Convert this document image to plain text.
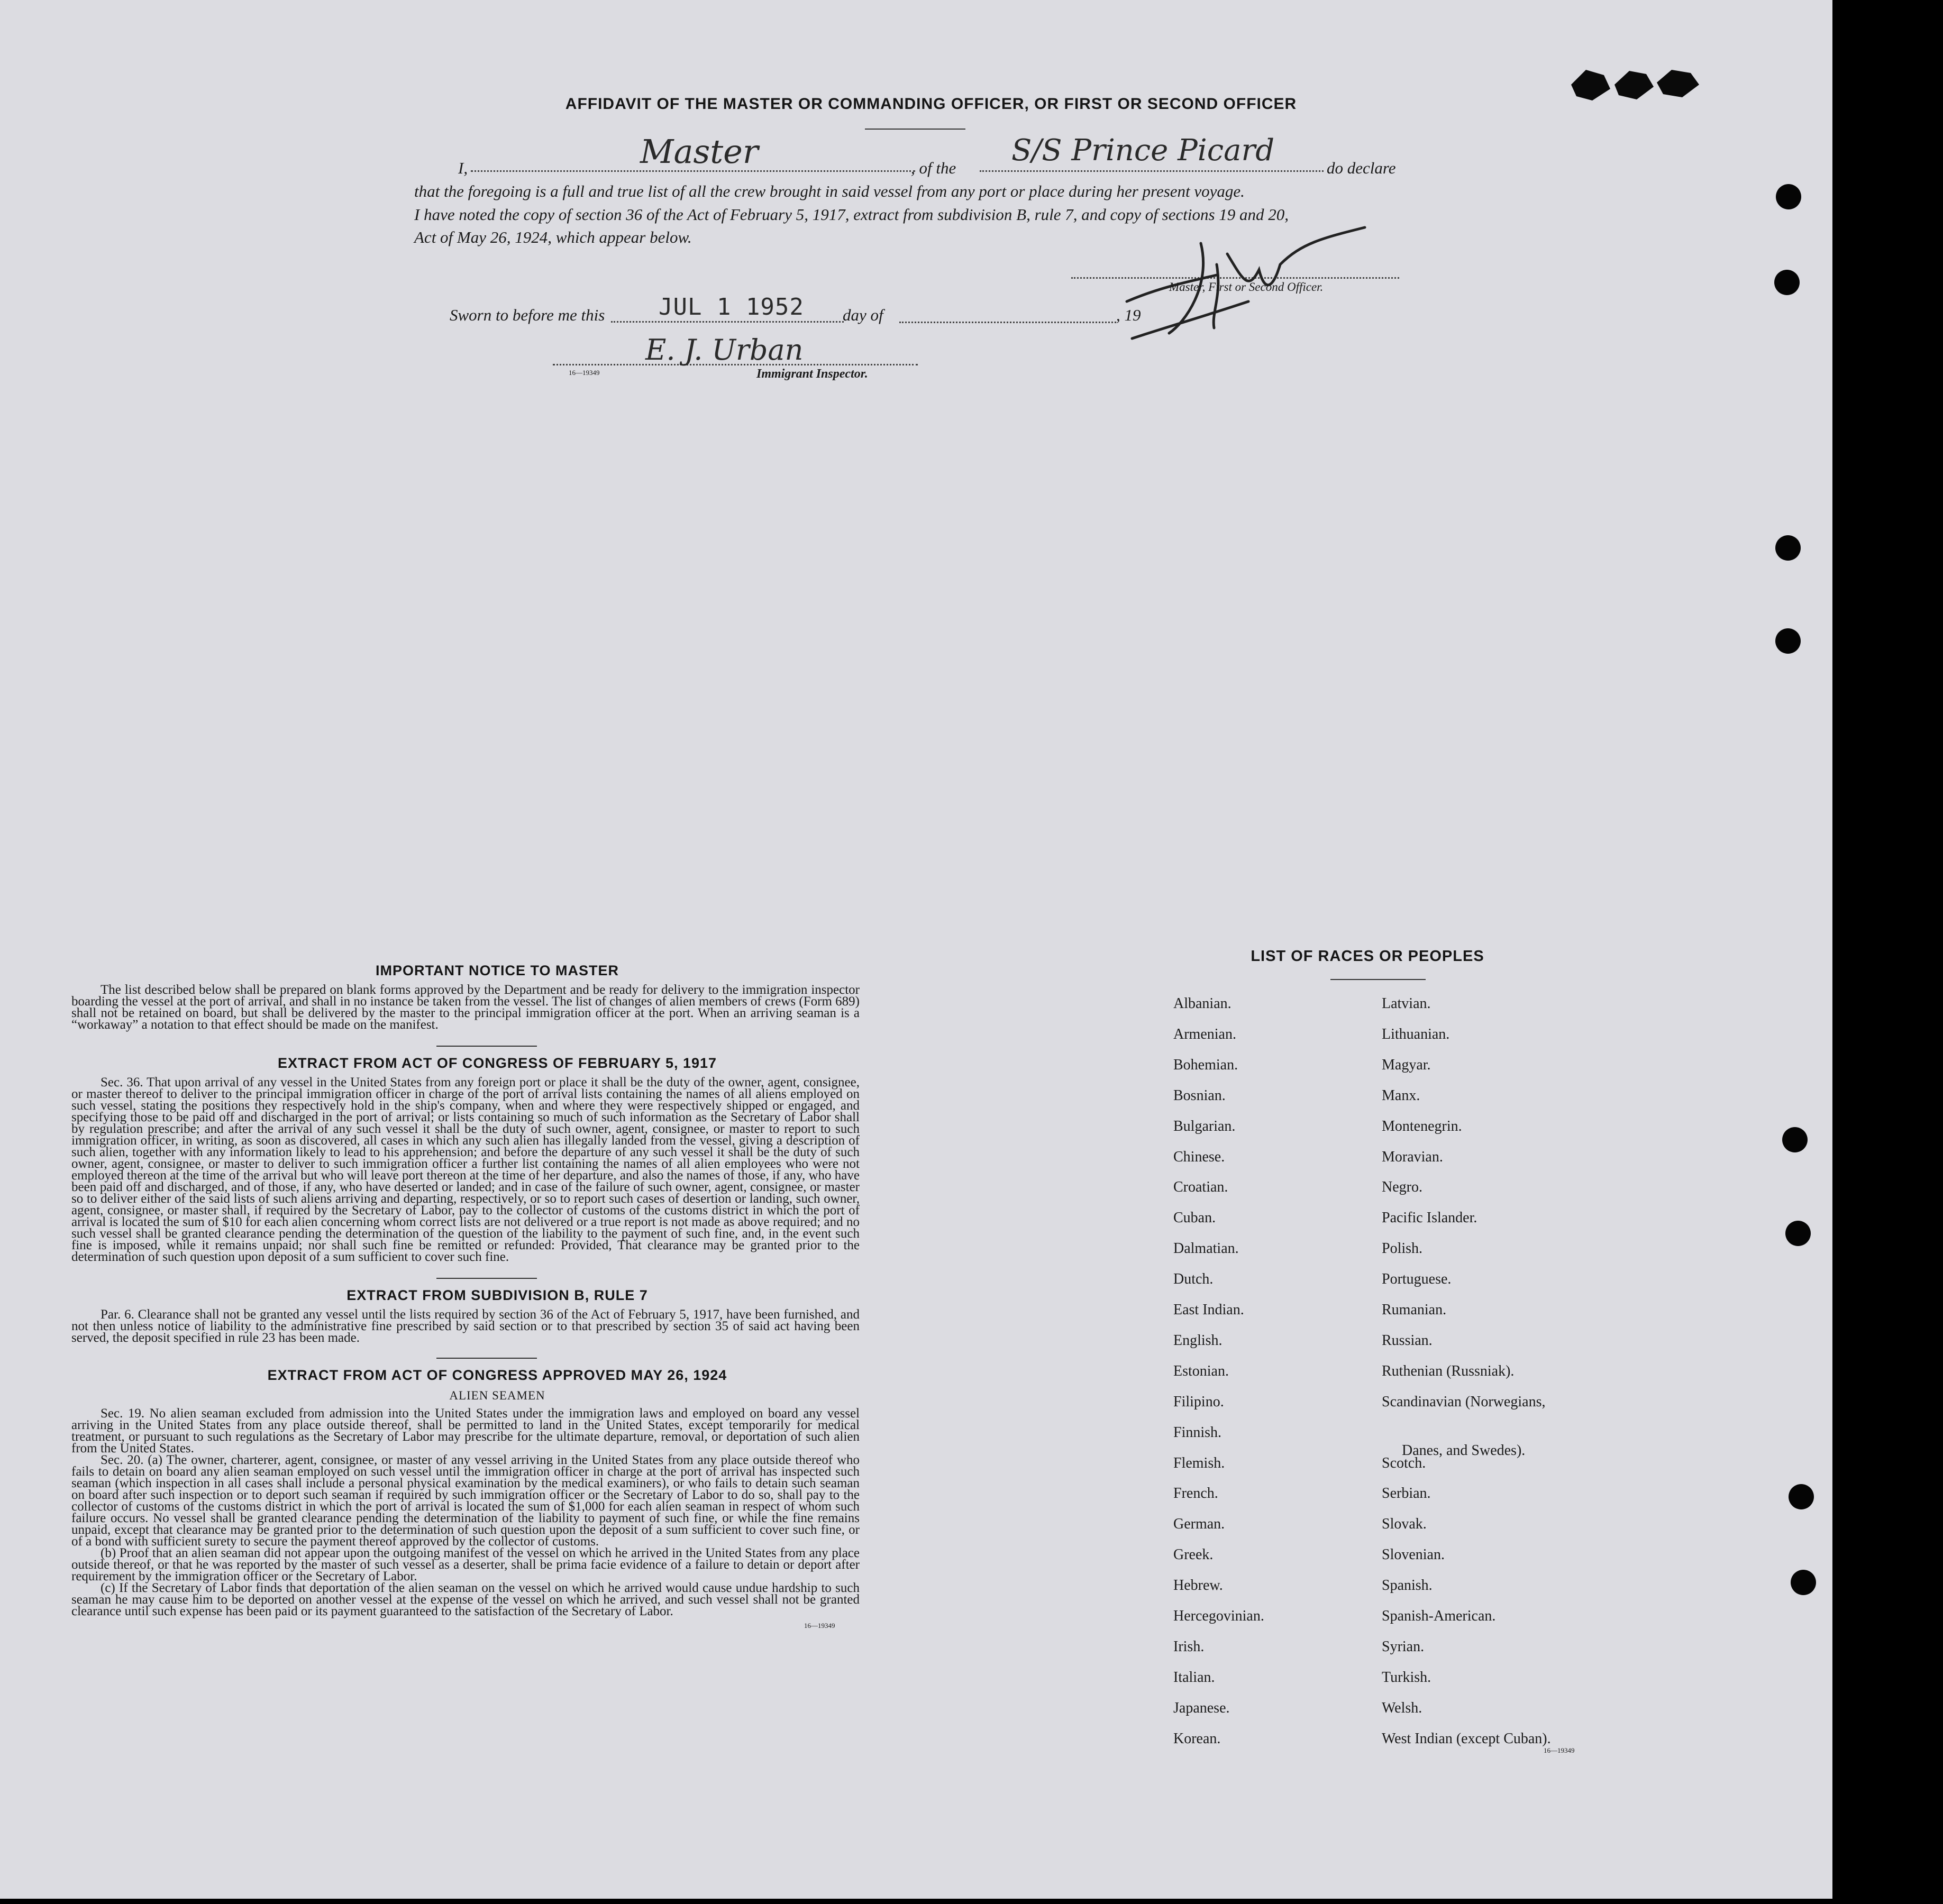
AFFIDAVIT OF THE MASTER OR COMMANDING OFFICER, OR FIRST OR SECOND OFFICER
I,	Master	, of the
S/S Prince Picard
do declare
that the foregoing is a full and true list of all the crew brought in said vessel from any port or place during her present voyage.
I have noted the copy of section 36 of the Act of February 5, 1917, extract from subdivision B, rule 7, and copy of sections 19 and 20,
Act of May 26, 1924, which appear below.
Master, First or Second Officer.
Sworn to before me this JUL 1 1952 day of	, 19
E. J. Urban
16—19349	Immigrant Inspector.
IMPORTANT NOTICE TO MASTER

The list described below shall be prepared on blank forms approved by the Department and be ready for delivery to the immigration inspector boarding the vessel at the port of arrival, and shall in no instance be taken from the vessel. The list of changes of alien members of crews (Form 689) shall not be retained on board, but shall be delivered by the master to the principal immigration officer at the port. When an arriving seaman is a “workaway” a notation to that effect should be made on the manifest.

EXTRACT FROM ACT OF CONGRESS OF FEBRUARY 5, 1917

Sec. 36. That upon arrival of any vessel in the United States from any foreign port or place it shall be the duty of the owner, agent, consignee, or master thereof to deliver to the principal immigration officer in charge of the port of arrival lists containing the names of all aliens employed on such vessel, stating the positions they respectively hold in the ship's company, when and where they were respectively shipped or engaged, and specifying those to be paid off and discharged in the port of arrival; or lists containing so much of such information as the Secretary of Labor shall by regulation prescribe; and after the arrival of any such vessel it shall be the duty of such owner, agent, consignee, or master to report to such immigration officer, in writing, as soon as discovered, all cases in which any such alien has illegally landed from the vessel, giving a description of such alien, together with any information likely to lead to his apprehension; and before the departure of any such vessel it shall be the duty of such owner, agent, consignee, or master to deliver to such immigration officer a further list containing the names of all alien employees who were not employed thereon at the time of the arrival but who will leave port thereon at the time of her departure, and also the names of those, if any, who have been paid off and discharged, and of those, if any, who have deserted or landed; and in case of the failure of such owner, agent, consignee, or master so to deliver either of the said lists of such aliens arriving and departing, respectively, or so to report such cases of desertion or landing, such owner, agent, consignee, or master shall, if required by the Secretary of Labor, pay to the collector of customs of the customs district in which the port of arrival is located the sum of $10 for each alien concerning whom correct lists are not delivered or a true report is not made as above required; and no such vessel shall be granted clearance pending the determination of the question of the liability to the payment of such fine, and, in the event such fine is imposed, while it remains unpaid; nor shall such fine be remitted or refunded: Provided, That clearance may be granted prior to the determination of such question upon deposit of a sum sufficient to cover such fine.

EXTRACT FROM SUBDIVISION B, RULE 7

Par. 6. Clearance shall not be granted any vessel until the lists required by section 36 of the Act of February 5, 1917, have been furnished, and not then unless notice of liability to the administrative fine prescribed by said section or to that prescribed by section 35 of said act having been served, the deposit specified in rule 23 has been made.

EXTRACT FROM ACT OF CONGRESS APPROVED MAY 26, 1924
ALIEN SEAMEN

Sec. 19. No alien seaman excluded from admission into the United States under the immigration laws and employed on board any vessel arriving in the United States from any place outside thereof, shall be permitted to land in the United States, except temporarily for medical treatment, or pursuant to such regulations as the Secretary of Labor may prescribe for the ultimate departure, removal, or deportation of such alien from the United States.

Sec. 20. (a) The owner, charterer, agent, consignee, or master of any vessel arriving in the United States from any place outside thereof who fails to detain on board any alien seaman employed on such vessel until the immigration officer in charge at the port of arrival has inspected such seaman (which inspection in all cases shall include a personal physical examination by the medical examiners), or who fails to detain such seaman on board after such inspection or to deport such seaman if required by such immigration officer or the Secretary of Labor to do so, shall pay to the collector of customs of the customs district in which the port of arrival is located the sum of $1,000 for each alien seaman in respect of whom such failure occurs. No vessel shall be granted clearance pending the determination of the liability to payment of such fine, or while the fine remains unpaid, except that clearance may be granted prior to the determination of such question upon the deposit of a sum sufficient to cover such fine, or of a bond with sufficient surety to secure the payment thereof approved by the collector of customs.

(b) Proof that an alien seaman did not appear upon the outgoing manifest of the vessel on which he arrived in the United States from any place outside thereof, or that he was reported by the master of such vessel as a deserter, shall be prima facie evidence of a failure to detain or deport after requirement by the immigration officer or the Secretary of Labor.

(c) If the Secretary of Labor finds that deportation of the alien seaman on the vessel on which he arrived would cause undue hardship to such seaman he may cause him to be deported on another vessel at the expense of the vessel on which he arrived, and such vessel shall not be granted clearance until such expense has been paid or its payment guaranteed to the satisfaction of the Secretary of Labor.

16—19349
LIST OF RACES OR PEOPLES
Albanian.
Armenian.
Bohemian.
Bosnian.
Bulgarian.
Chinese.
Croatian.
Cuban.
Dalmatian.
Dutch.
East Indian.
English.
Estonian.
Filipino.
Finnish.
Flemish.
French.
German.
Greek.
Hebrew.
Hercegovinian.
Irish.
Italian.
Japanese.
Korean.
Latvian.
Lithuanian.
Magyar.
Manx.
Montenegrin.
Moravian.
Negro.
Pacific Islander.
Polish.
Portuguese.
Rumanian.
Russian.
Ruthenian (Russniak).
Scandinavian (Norwegians,
Danes, and Swedes).
Scotch.
Serbian.
Slovak.
Slovenian.
Spanish.
Spanish-American.
Syrian.
Turkish.
Welsh.
West Indian (except Cuban).
16—19349
